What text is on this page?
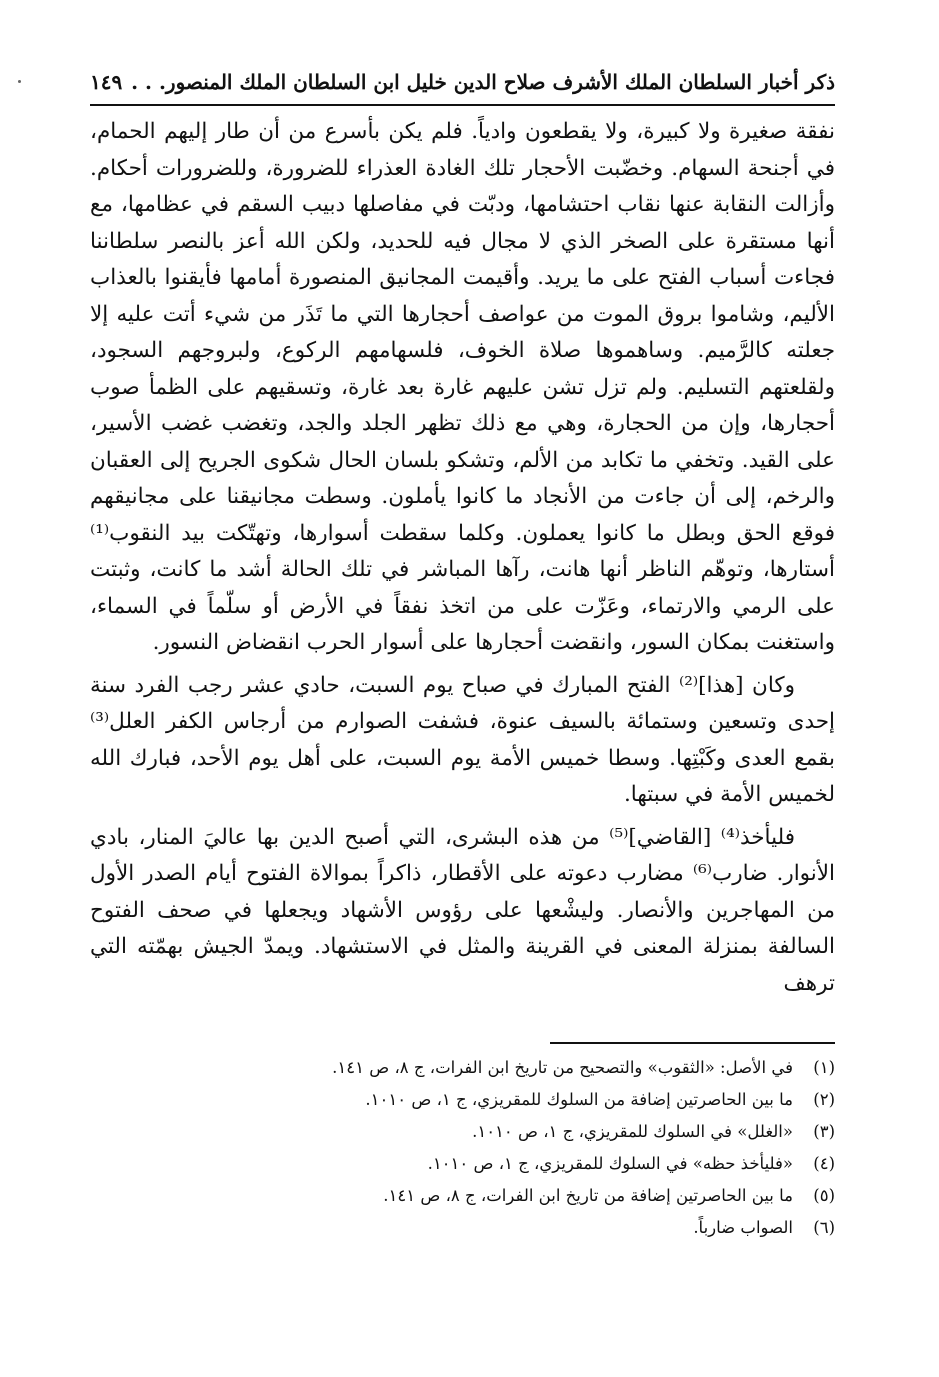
ذكر أخبار السلطان الملك الأشرف صلاح الدين خليل ابن السلطان الملك المنصور. . .
١٤٩

نفقة صغيرة ولا كبيرة، ولا يقطعون وادياً. فلم يكن بأسرع من أن طار إليهم الحمام، في أجنحة السهام. وخضّبت الأحجار تلك الغادة العذراء للضرورة، وللضرورات أحكام. وأزالت النقابة عنها نقاب احتشامها، ودبّت في مفاصلها دبيب السقم في عظامها، مع أنها مستقرة على الصخر الذي لا مجال فيه للحديد، ولكن الله أعز بالنصر سلطاننا فجاءت أسباب الفتح على ما يريد. وأقيمت المجانيق المنصورة أمامها فأيقنوا بالعذاب الأليم، وشاموا بروق الموت من عواصف أحجارها التي ما تَذَر من شيء أتت عليه إلا جعلته كالرَّميم. وساهموها صلاة الخوف، فلسهامهم الركوع، ولبروجهم السجود، ولقلعتهم التسليم. ولم تزل تشن عليهم غارة بعد غارة، وتسقيهم على الظمأ صوب أحجارها، وإن من الحجارة، وهي مع ذلك تظهر الجلد والجد، وتغضب غضب الأسير، على القيد. وتخفي ما تكابد من الألم، وتشكو بلسان الحال شكوى الجريح إلى العقبان والرخم، إلى أن جاءت من الأنجاد ما كانوا يأملون. وسطت مجانيقنا على مجانيقهم فوقع الحق وبطل ما كانوا يعملون. وكلما سقطت أسوارها، وتهتّكت بيد النقوب⁽¹⁾ أستارها، وتوهّم الناظر أنها هانت، رآها المباشر في تلك الحالة أشد ما كانت، وثبتت على الرمي والارتماء، وعَزّت على من اتخذ نفقاً في الأرض أو سلّماً في السماء، واستغنت بمكان السور، وانقضت أحجارها على أسوار الحرب انقضاض النسور.

وكان [هذا]⁽²⁾ الفتح المبارك في صباح يوم السبت، حادي عشر رجب الفرد سنة إحدى وتسعين وستمائة بالسيف عنوة، فشفت الصوارم من أرجاس الكفر العلل⁽³⁾ بقمع العدى وكَبْتِها. وسطا خميس الأمة يوم السبت، على أهل يوم الأحد، فبارك الله لخميس الأمة في سبتها.

فليأخذ⁽⁴⁾ [القاضي]⁽⁵⁾ من هذه البشرى، التي أصبح الدين بها عاليَ المنار، بادي الأنوار. ضارب⁽⁶⁾ مضارب دعوته على الأقطار، ذاكراً بموالاة الفتوح أيام الصدر الأول من المهاجرين والأنصار. وليشْعها على رؤوس الأشهاد ويجعلها في صحف الفتوح السالفة بمنزلة المعنى في القرينة والمثل في الاستشهاد. ويمدّ الجيش بهمّته التي ترهف

(١)
في الأصل: «الثقوب» والتصحيح من تاريخ ابن الفرات، ج ٨، ص ١٤١.
(٢)
ما بين الحاصرتين إضافة من السلوك للمقريزي، ج ١، ص ١٠١٠.
(٣)
«الغلل» في السلوك للمقريزي، ج ١، ص ١٠١٠.
(٤)
«فليأخذ حظه» في السلوك للمقريزي، ج ١، ص ١٠١٠.
(٥)
ما بين الحاصرتين إضافة من تاريخ ابن الفرات، ج ٨، ص ١٤١.
(٦)
الصواب ضارباً.
